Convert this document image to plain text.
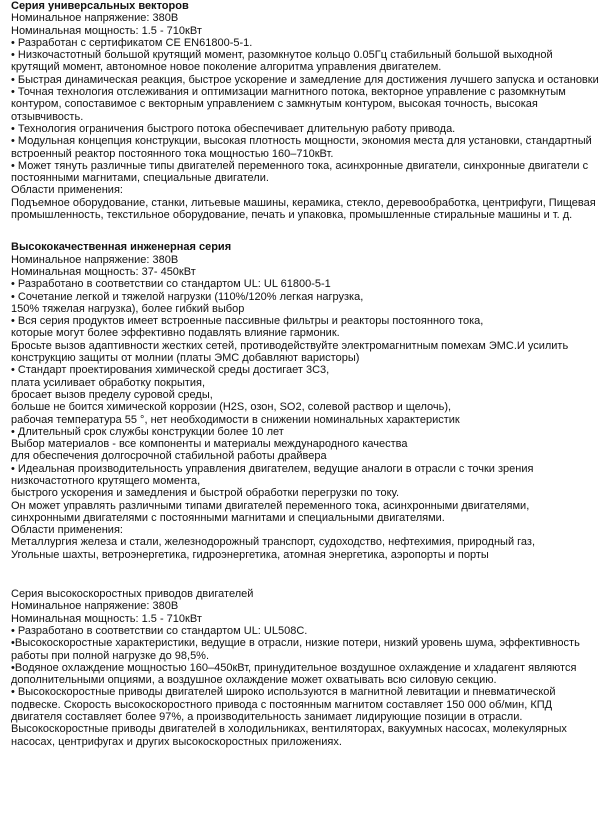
Серия универсальных векторов
Номинальное напряжение: 380В
Номинальная мощность: 1.5 - 710кВт
• Разработан с сертификатом CE EN61800-5-1.
• Низкочастотный большой крутящий момент, разомкнутое кольцо 0.05Гц стабильный большой выходной крутящий момент, автономное новое поколение алгоритма управления двигателем.
• Быстрая динамическая реакция, быстрое ускорение и замедление для достижения лучшего запуска и остановки
• Точная технология отслеживания и оптимизации магнитного потока, векторное управление с разомкнутым контуром, сопоставимое с векторным управлением с замкнутым контуром, высокая точность, высокая отзывчивость.
• Технология ограничения быстрого потока обеспечивает длительную работу привода.
• Модульная концепция конструкции, высокая плотность мощности, экономия места для установки, стандартный встроенный реактор постоянного тока мощностью 160–710кВт.
• Может тянуть различные типы двигателей переменного тока, асинхронные двигатели, синхронные двигатели с постоянными магнитами, специальные двигатели.
Области применения:
Подъемное оборудование, станки, литьевые машины, керамика, стекло, деревообработка, центрифуги, Пищевая промышленность, текстильное оборудование, печать и упаковка, промышленные стиральные машины и т. д.
Высококачественная инженерная серия
Номинальное напряжение: 380В
Номинальная мощность: 37- 450кВт
• Разработано в соответствии со стандартом UL: UL 61800-5-1
• Сочетание легкой и тяжелой нагрузки (110%/120% легкая нагрузка,
150% тяжелая нагрузка), более гибкий выбор
• Вся серия продуктов имеет встроенные пассивные фильтры и реакторы постоянного тока,
которые могут более эффективно подавлять влияние гармоник.
Бросьте вызов адаптивности жестких сетей, противодействуйте электромагнитным помехам ЭМС.И усилить
конструкцию защиты от молнии (платы ЭМС добавляют варисторы)
• Стандарт проектирования химической среды достигает 3С3,
плата усиливает обработку покрытия,
бросает вызов пределу суровой среды,
больше не боится химической коррозии (H2S, озон, SO2, солевой раствор и щелочь),
рабочая температура 55 °, нет необходимости в снижении номинальных характеристик
• Длительный срок службы конструкции более 10 лет
Выбор материалов - все компоненты и материалы международного качества
для обеспечения долгосрочной стабильной работы драйвера
• Идеальная производительность управления двигателем, ведущие аналоги в отрасли с точки зрения
низкочастотного крутящего момента,
быстрого ускорения и замедления и быстрой обработки перегрузки по току.
Он может управлять различными типами двигателей переменного тока, асинхронными двигателями,
синхронными двигателями с постоянными магнитами и специальными двигателями.
Области применения:
Металлургия железа и стали, железнодорожный транспорт, судоходство, нефтехимия, природный газ,
Угольные шахты, ветроэнергетика, гидроэнергетика, атомная энергетика, аэропорты и порты
Серия высокоскоростных приводов двигателей
Номинальное напряжение: 380В
Номинальная мощность: 1.5 - 710кВт
• Разработано в соответствии со стандартом UL: UL508C.
•Высокоскоростные характеристики, ведущие в отрасли, низкие потери, низкий уровень шума, эффективность работы при полной нагрузке до 98,5%.
•Водяное охлаждение мощностью 160–450кВт, принудительное воздушное охлаждение и хладагент являются дополнительными опциями, а воздушное охлаждение может охватывать всю силовую секцию.
• Высокоскоростные приводы двигателей широко используются в магнитной левитации и пневматической подвеске. Скорость высокоскоростного привода с постоянным магнитом составляет 150 000 об/мин, КПД двигателя составляет более 97%, а производительность занимает лидирующие позиции в отрасли.
Высокоскоростные приводы двигателей в холодильниках, вентиляторах, вакуумных насосах, молекулярных насосах, центрифугах и других высокоскоростных приложениях.
